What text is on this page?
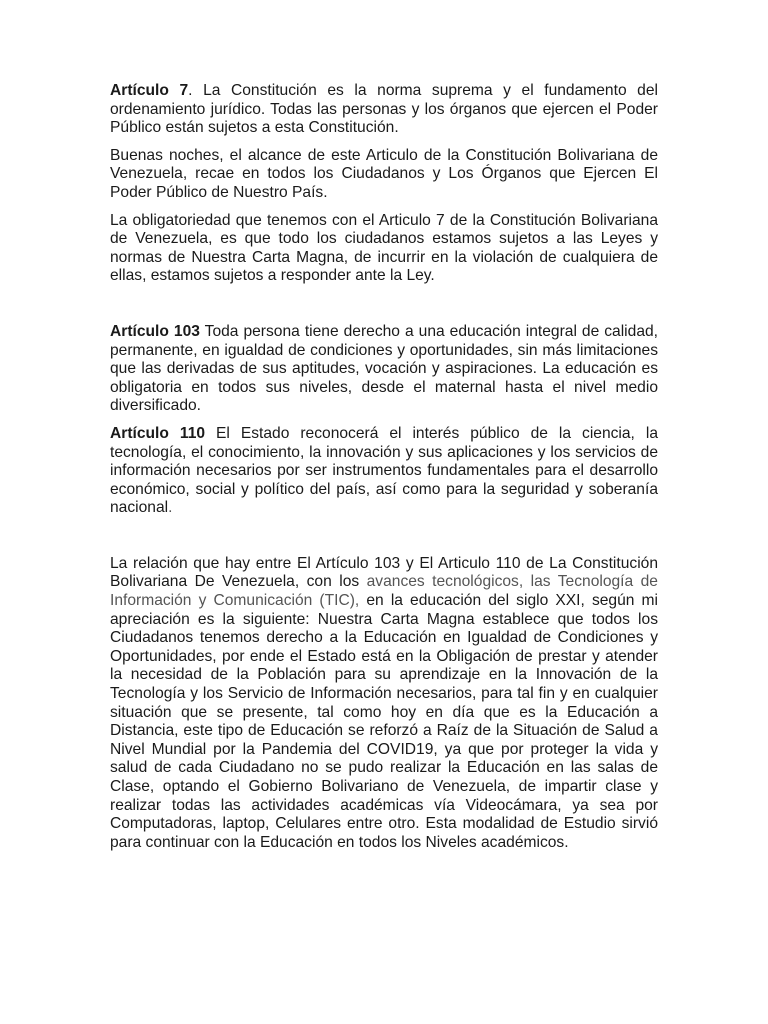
Artículo 7. La Constitución es la norma suprema y el fundamento del ordenamiento jurídico. Todas las personas y los órganos que ejercen el Poder Público están sujetos a esta Constitución.

Buenas noches, el alcance de este Articulo de la Constitución Bolivariana de Venezuela, recae en todos los Ciudadanos y Los Órganos que Ejercen El Poder Público de Nuestro País.

La obligatoriedad que tenemos con el Articulo 7 de la Constitución Bolivariana de Venezuela, es que todo los ciudadanos estamos sujetos a las Leyes y normas de Nuestra Carta Magna, de incurrir en la violación de cualquiera de ellas, estamos sujetos a responder ante la Ley.

Artículo 103 Toda persona tiene derecho a una educación integral de calidad, permanente, en igualdad de condiciones y oportunidades, sin más limitaciones que las derivadas de sus aptitudes, vocación y aspiraciones. La educación es obligatoria en todos sus niveles, desde el maternal hasta el nivel medio diversificado.

Artículo 110 El Estado reconocerá el interés público de la ciencia, la tecnología, el conocimiento, la innovación y sus aplicaciones y los servicios de información necesarios por ser instrumentos fundamentales para el desarrollo económico, social y político del país, así como para la seguridad y soberanía nacional.

La relación que hay entre El Artículo 103 y El Articulo 110 de La Constitución Bolivariana De Venezuela, con los avances tecnológicos, las Tecnología de Información y Comunicación (TIC), en la educación del siglo XXI, según mi apreciación es la siguiente: Nuestra Carta Magna establece que todos los Ciudadanos tenemos derecho a la Educación en Igualdad de Condiciones y Oportunidades, por ende el Estado está en la Obligación de prestar y atender la necesidad de la Población para su aprendizaje en la Innovación de la Tecnología y los Servicio de Información necesarios, para tal fin y en cualquier situación que se presente, tal como hoy en día que es la Educación a Distancia, este tipo de Educación se reforzó a Raíz de la Situación de Salud a Nivel Mundial por la Pandemia del COVID19, ya que por proteger la vida y salud de cada Ciudadano no se pudo realizar la Educación en las salas de Clase, optando el Gobierno Bolivariano de Venezuela, de impartir clase y realizar todas las actividades académicas vía Videocámara, ya sea por Computadoras, laptop, Celulares entre otro. Esta modalidad de Estudio sirvió para continuar con la Educación en todos los Niveles académicos.
